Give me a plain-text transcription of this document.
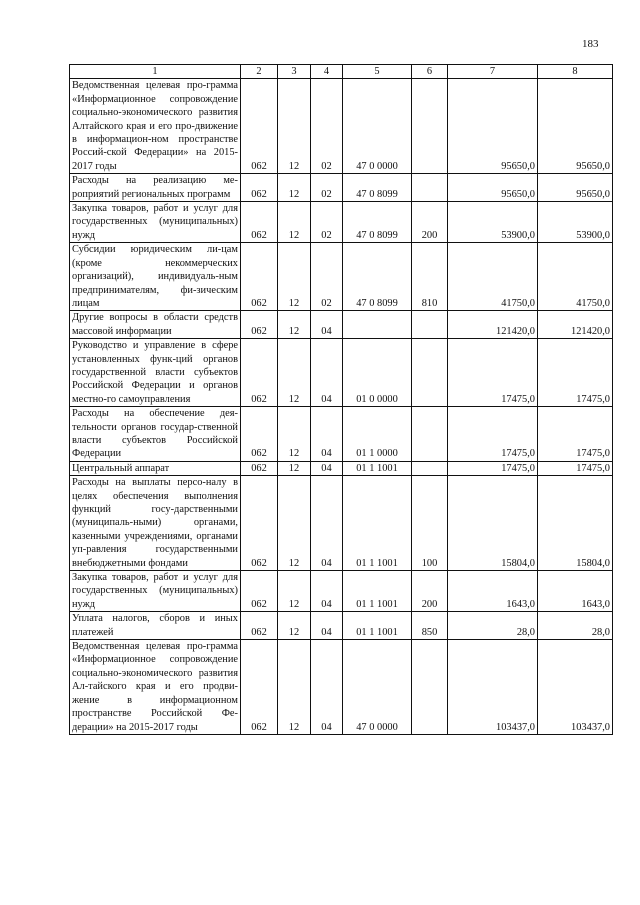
183
1	2	3	4	5	6	7	8
Ведомственная целевая про-грамма «Информационное сопровождение социально-экономического развития Алтайского края и его про-движение в информацион-ном пространстве Россий-ской Федерации» на 2015-2017 годы	062	12	02	47 0 0000		95650,0	95650,0
Расходы на реализацию ме-роприятий региональных программ	062	12	02	47 0 8099		95650,0	95650,0
Закупка товаров, работ и услуг для государственных (муниципальных) нужд	062	12	02	47 0 8099	200	53900,0	53900,0
Субсидии юридическим ли-цам (кроме некоммерческих организаций), индивидуаль-ным предпринимателям, фи-зическим лицам	062	12	02	47 0 8099	810	41750,0	41750,0
Другие вопросы в области средств массовой информации	062	12	04			121420,0	121420,0
Руководство и управление в сфере установленных функ-ций органов государственной власти субъектов Российской Федерации и органов местно-го самоуправления	062	12	04	01 0 0000		17475,0	17475,0
Расходы на обеспечение дея-тельности органов государ-ственной власти субъектов Российской Федерации	062	12	04	01 1 0000		17475,0	17475,0
Центральный аппарат	062	12	04	01 1 1001		17475,0	17475,0
Расходы на выплаты персо-налу в целях обеспечения выполнения функций госу-дарственными (муниципаль-ными) органами, казенными учреждениями, органами уп-равления государственными внебюджетными фондами	062	12	04	01 1 1001	100	15804,0	15804,0
Закупка товаров, работ и услуг для государственных (муниципальных) нужд	062	12	04	01 1 1001	200	1643,0	1643,0
Уплата налогов, сборов и иных платежей	062	12	04	01 1 1001	850	28,0	28,0
Ведомственная целевая про-грамма «Информационное сопровождение социально-экономического развития Ал-тайского края и его продви-жение в информационном пространстве Российской Фе-дерации» на 2015-2017 годы	062	12	04	47 0 0000		103437,0	103437,0
